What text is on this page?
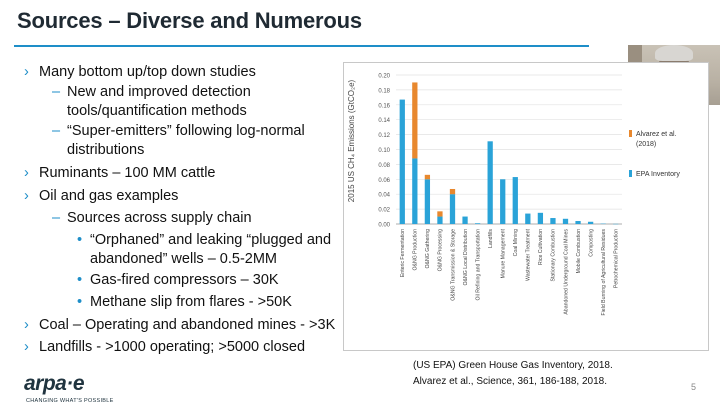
Sources – Diverse and Numerous
› Many bottom up/top down studies
– New and improved detection
tools/quantification methods
– “Super-emitters” following log-normal
distributions
› Ruminants – 100 MM cattle
› Oil and gas examples
– Sources across supply chain
• “Orphaned” and leaking “plugged and
abandoned” wells – 0.5-2MM
• Gas-fired compressors – 30K
• Methane slip from flares - >50K
› Coal – Operating and abandoned mines - >3K
› Landfills - >1000 operating; >5000 closed
0.00
0.02
0.04
0.06
0.08
0.10
0.12
0.14
0.16
0.18
0.20
Enteric Fermentation O&NG Production O&NG Gathering O&NG Processing O&NG Transmission & Storage O&NG Local Distribution Oil Refining and Transportation Landfills Manure Management Coal Mining Wastewater Treatment Rice Cultivation Stationary Combustion Abandoned Underground Coal Mines Mobile Combustion Composting Field Burning of Agricultural Residues Petrochemical Production
2015 US CH₄ Emissions (GtCO₂e)	Alvarez et al.
(2018)
EPA Inventory
(US EPA) Green House Gas Inventory, 2018.
Alvarez et al., Science, 361, 186-188, 2018.	5
arpa·e
CHANGING WHAT'S POSSIBLE
